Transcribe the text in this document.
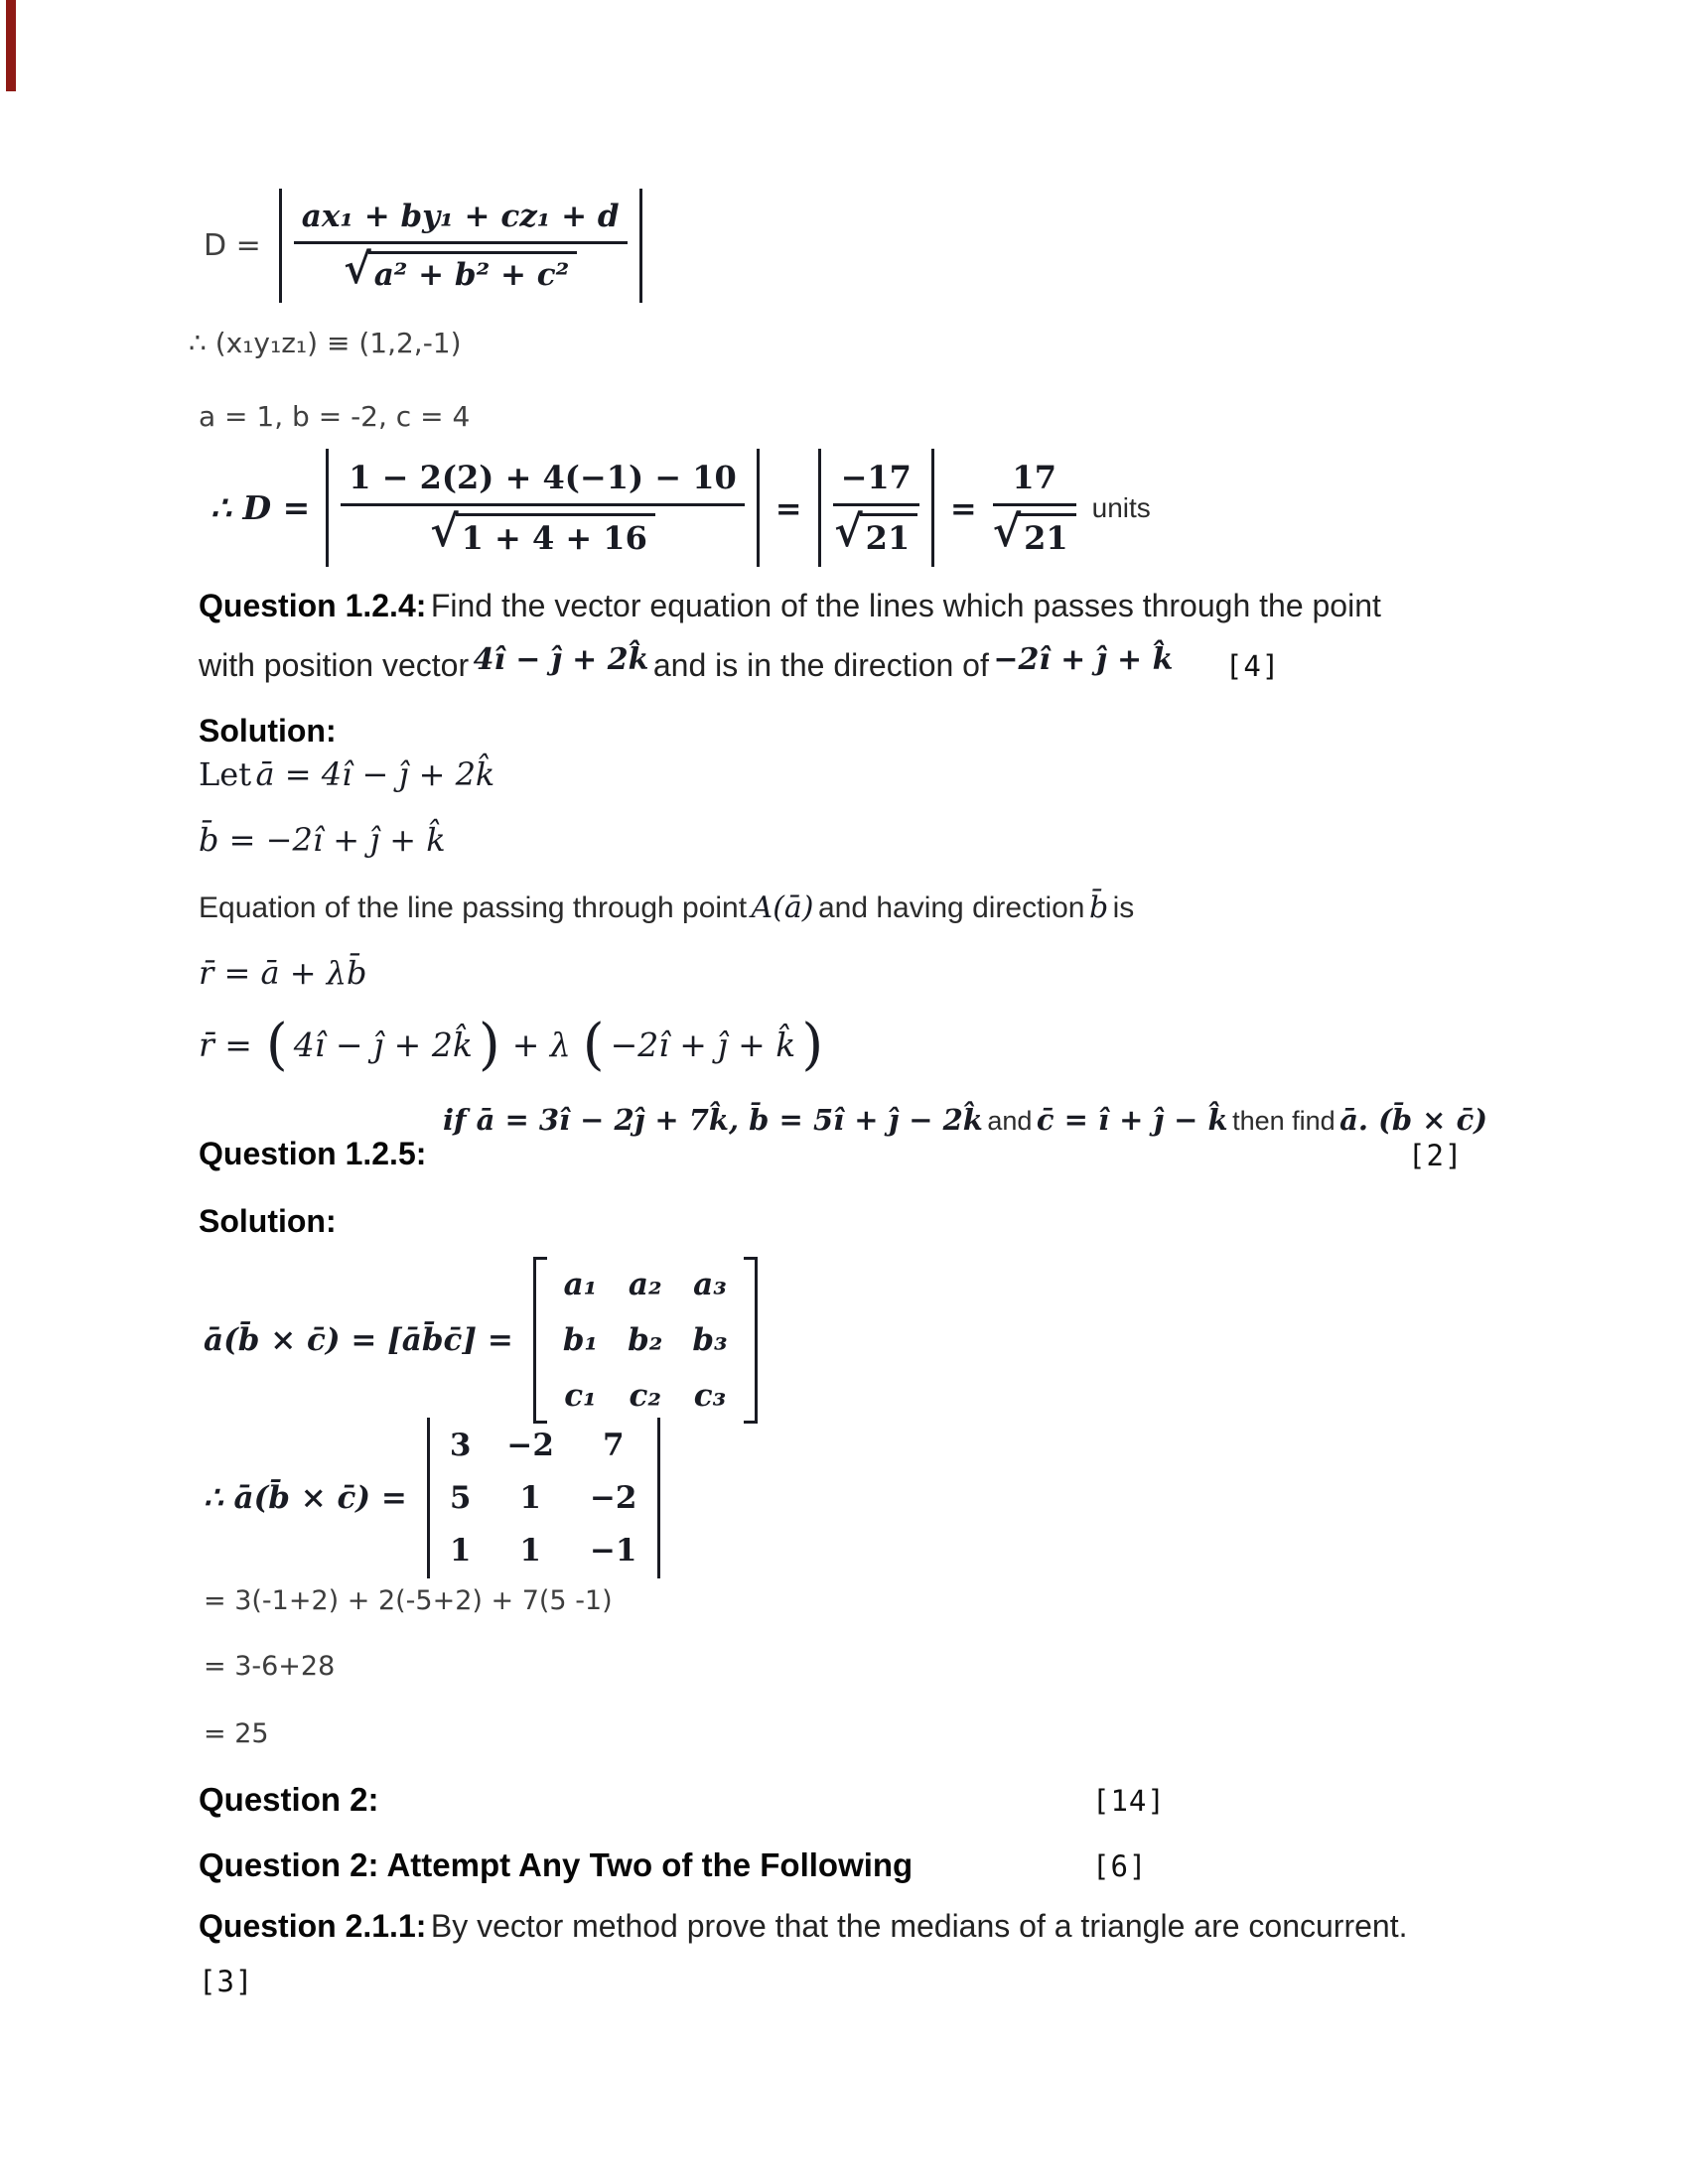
$D = \frac{\text{ax₁ + by₁ + cz₁ + d}}{\text{√ a² + b² + c²}}$
∴ (x₁y₁z₁) ≡ (1,2,-1)
a = 1, b = -2, c = 4
∴ $D = \frac{1 - 2(2) + 4(-1) - 10}{√ 1 + 4 + 16} = \frac{-17}{√ 21} = \frac{17}{√ 21}$ units
Question 1.2.4: Find the vector equation of the lines which passes through the point
with position vector 4î − ĵ + 2k̂ and is in the direction of −2î + ĵ + k̂ [4]
Solution:
Let ā = 4î − ĵ + 2k̂
b̄ = −2î + ĵ + k̂
Equation of the line passing through point A(ā) and having direction b̄ is
r̄ = ā + λb̄
r̄ = ( 4î − ĵ + 2k̂ ) + λ ( −2î + ĵ + k̂ )
Question 1.2.5:
if ā = 3î − 2ĵ + 7k̂, b̄ = 5î + ĵ − 2k̂ and c̄ = î + ĵ − k̂ then find ā. (b̄ × c̄)
[2]
Solution:
ā(b̄ × c̄) = [āb̄c̄] =
a₁ a₂ a₃
b₁ b₂ b₃
c₁ c₂ c₃
∴ ā(b̄ × c̄) =
3 −2	7
5	1	−2
1	1	−1
= 3(-1+2) + 2(-5+2) + 7(5 -1)
= 3-6+28
= 25
Question 2:	[14]
Question 2: Attempt Any Two of the Following	[6]
Question 2.1.1: By vector method prove that the medians of a triangle are concurrent.
[3]
